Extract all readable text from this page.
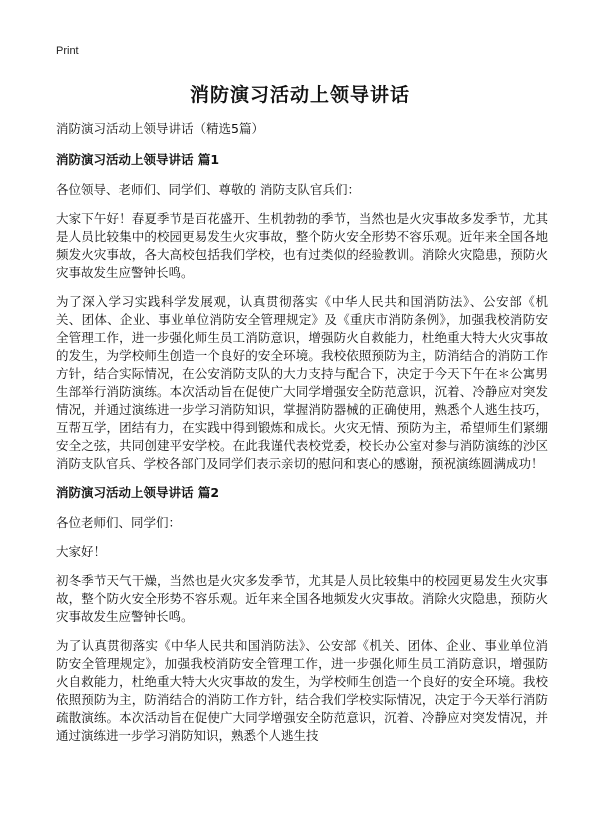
Print
消防演习活动上领导讲话

消防演习活动上领导讲话（精选5篇）

消防演习活动上领导讲话 篇1

各位领导、老师们、同学们、尊敬的 消防支队官兵们：

大家下午好！春夏季节是百花盛开、生机勃勃的季节，当然也是火灾事故多发季节，尤其是人员比较集中的校园更易发生火灾事故，整个防火安全形势不容乐观。近年来全国各地频发火灾事故，各大高校包括我们学校，也有过类似的经验教训。消除火灾隐患，预防火灾事故发生应警钟长鸣。

为了深入学习实践科学发展观，认真贯彻落实《中华人民共和国消防法》、公安部《机关、团体、企业、事业单位消防安全管理规定》及《重庆市消防条例》，加强我校消防安全管理工作，进一步强化师生员工消防意识，增强防火自救能力，杜绝重大特大火灾事故的发生，为学校师生创造一个良好的安全环境。我校依照预防为主，防消结合的消防工作方针，结合实际情况，在公安消防支队的大力支持与配合下，决定于今天下午在＊公寓男生部举行消防演练。本次活动旨在促使广大同学增强安全防范意识，沉着、冷静应对突发情况，并通过演练进一步学习消防知识，掌握消防器械的正确使用，熟悉个人逃生技巧，互帮互学，团结有力，在实践中得到锻炼和成长。火灾无情、预防为主，希望师生们紧绷安全之弦，共同创建平安学校。在此我谨代表校党委，校长办公室对参与消防演练的沙区消防支队官兵、学校各部门及同学们表示亲切的慰问和衷心的感谢，预祝演练圆满成功！

消防演习活动上领导讲话 篇2

各位老师们、同学们：

大家好！

初冬季节天气干燥，当然也是火灾多发季节，尤其是人员比较集中的校园更易发生火灾事故，整个防火安全形势不容乐观。近年来全国各地频发火灾事故。消除火灾隐患，预防火灾事故发生应警钟长鸣。

为了认真贯彻落实《中华人民共和国消防法》、公安部《机关、团体、企业、事业单位消防安全管理规定》，加强我校消防安全管理工作，进一步强化师生员工消防意识，增强防火自救能力，杜绝重大特大火灾事故的发生，为学校师生创造一个良好的安全环境。我校依照预防为主，防消结合的消防工作方针，结合我们学校实际情况，决定于今天举行消防疏散演练。本次活动旨在促使广大同学增强安全防范意识，沉着、冷静应对突发情况，并通过演练进一步学习消防知识，熟悉个人逃生技
